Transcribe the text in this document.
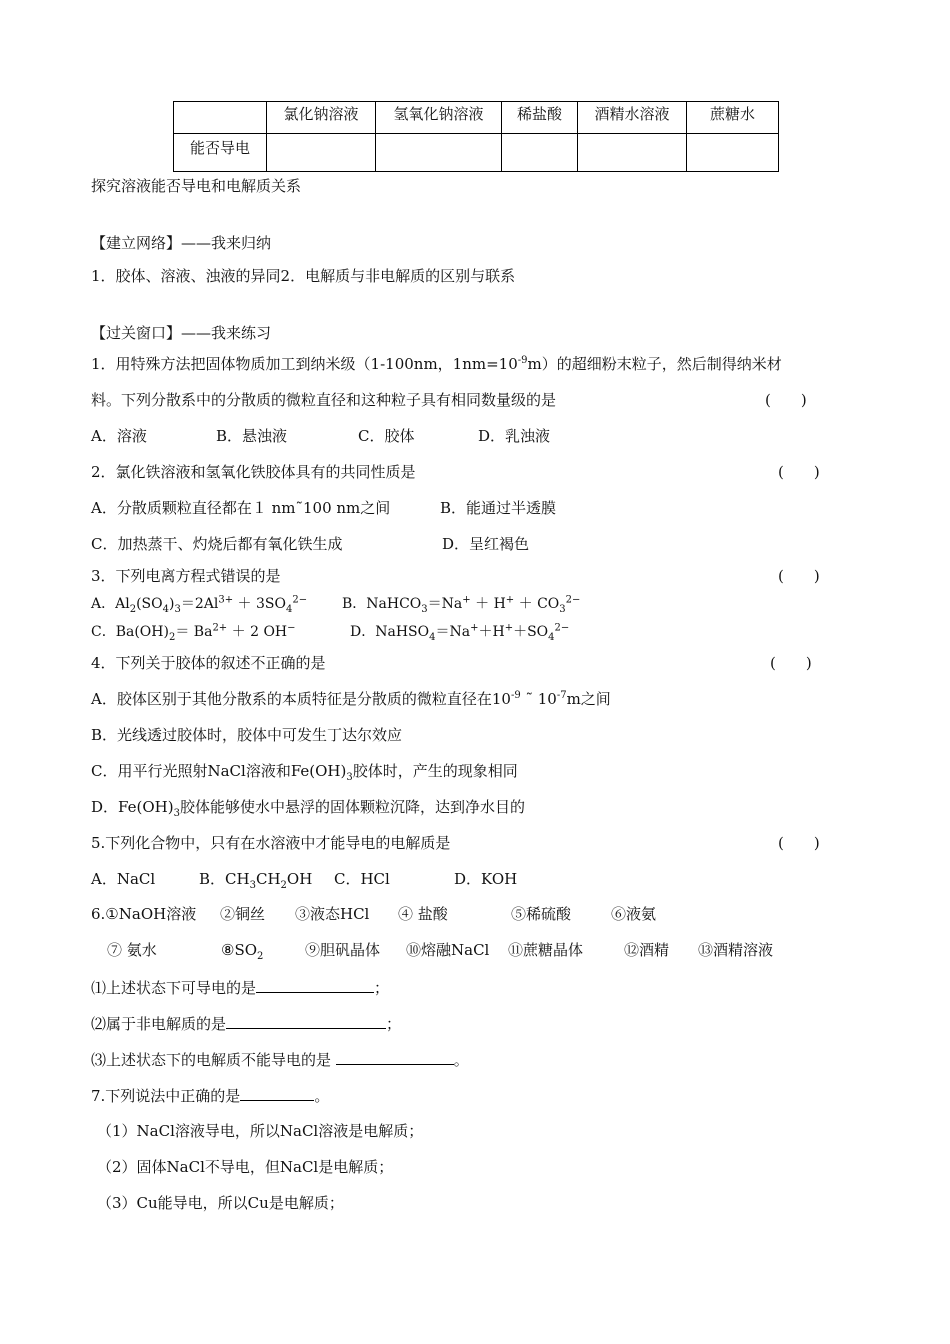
	氯化钠溶液	氢氧化钠溶液	稀盐酸	酒精水溶液	蔗糖水
能否导电					
探究溶液能否导电和电解质关系
【建立网络】——我来归纳
1．胶体、溶液、浊液的异同2．电解质与非电解质的区别与联系
【过关窗口】——我来练习
1．用特殊方法把固体物质加工到纳米级（1-100nm，$1nm=10^{-9}m$）的超细粉末粒子，然后制得纳米材
料。下列分散系中的分散质的微粒直径和这种粒子具有相同数量级的是	(　　)
A．溶液	B．悬浊液	C．胶体	D．乳浊液
2．氯化铁溶液和氢氧化铁胶体具有的共同性质是	(　　)
A．分散质颗粒直径都在１ nm˜100 nm之间	B．能通过半透膜
C．加热蒸干、灼烧后都有氧化铁生成	D．呈红褐色
3．下列电离方程式错误的是	(　　)
A．$Al_2(SO_4)_3=2Al^{3+} + 3SO_4^{2-}$ B．NaHCO$_3$＝Na+ ＋ $H^+ + CO_3^{2-}$
C．$Ba(OH)_2= Ba^{2+} + 2$ OH−	D．$NaHSO_4=Na^++H^++SO_4^{2-}$
4．下列关于胶体的叙述不正确的是	(　　)
A．胶体区别于其他分散系的本质特征是分散质的微粒直径在$10^{-9}$ ˜ $10^{-7}m$之间
B．光线透过胶体时，胶体中可发生丁达尔效应
C．用平行光照射NaCl溶液和$Fe(OH)_3$胶体时，产生的现象相同
D．$Fe(OH)_3$胶体能够使水中悬浮的固体颗粒沉降，达到净水目的
5.下列化合物中，只有在水溶液中才能导电的电解质是	(　　)
A．NaCl	B．$CH_3CH_2OH$ C．HCl	D．KOH
6.①NaOH溶液 ②铜丝 ③液态HCl ④ 盐酸	⑤稀硫酸	⑥液氨
⑦ 氨水	$⑧SO_2$	⑨胆矾晶体 ⑩熔融NaCl ⑪蔗糖晶体	⑫酒精 ⑬酒精溶液
⑴上述状态下可导电的是	；
⑵属于非电解质的是	；
⑶上述状态下的电解质不能导电的是	。
7.下列说法中正确的是	。
（1）NaCl溶液导电，所以NaCl溶液是电解质；
（2）固体NaCl不导电，但NaCl是电解质；
（3）Cu能导电，所以Cu是电解质；
